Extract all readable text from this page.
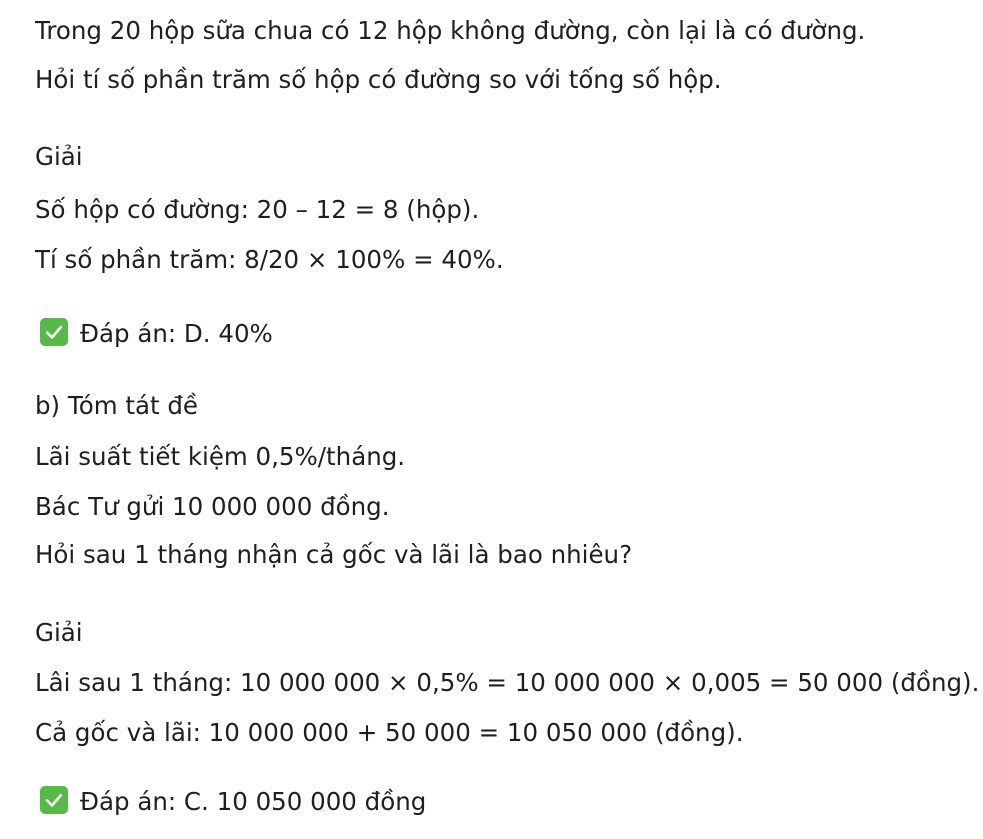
Trong 20 hộp sữa chua có 12 hộp không đường, còn lại là có đường.
Hỏi tí số phần trăm số hộp có đường so với tống số hộp.
Giải
Số hộp có đường: 20 – 12 = 8 (hộp).
Tí số phần trăm: 8/20 × 100% = 40%.
Đáp án: D. 40%
b) Tóm tát đề
Lãi suất tiết kiệm 0,5%/tháng.
Bác Tư gửi 10 000 000 đồng.
Hỏi sau 1 tháng nhận cả gốc và lãi là bao nhiêu?
Giải
Lâi sau 1 tháng: 10 000 000 × 0,5% = 10 000 000 × 0,005 = 50 000 (đồng).
Cả gốc và lãi: 10 000 000 + 50 000 = 10 050 000 (đồng).
Đáp án: C. 10 050 000 đồng
